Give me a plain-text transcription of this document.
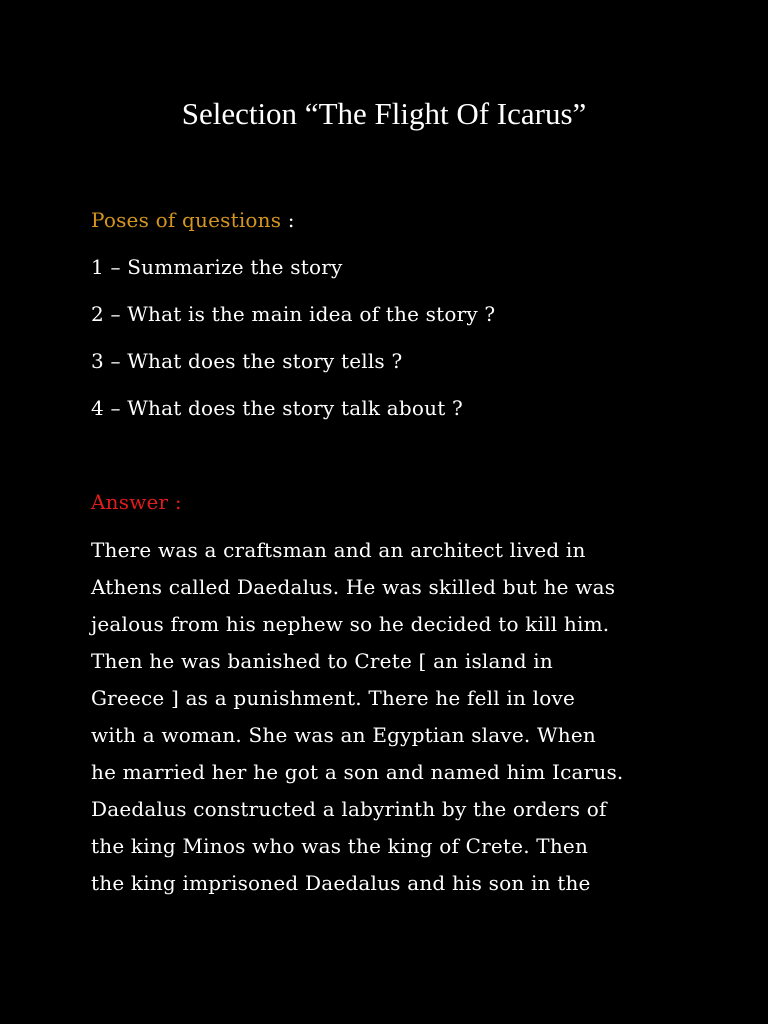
Selection “The Flight Of Icarus”
Poses of questions :
1 – Summarize the story
2 – What is the main idea of the story ?
3 – What does the story tells ?
4 – What does the story talk about ?
Answer :

There was a craftsman and an architect lived in
Athens called Daedalus. He was skilled but he was
jealous from his nephew so he decided to kill him.
Then he was banished to Crete [ an island in
Greece ] as a punishment. There he fell in love
with a woman. She was an Egyptian slave. When
he married her he got a son and named him Icarus.
Daedalus constructed a labyrinth by the orders of
the king Minos who was the king of Crete. Then
the king imprisoned Daedalus and his son in the
